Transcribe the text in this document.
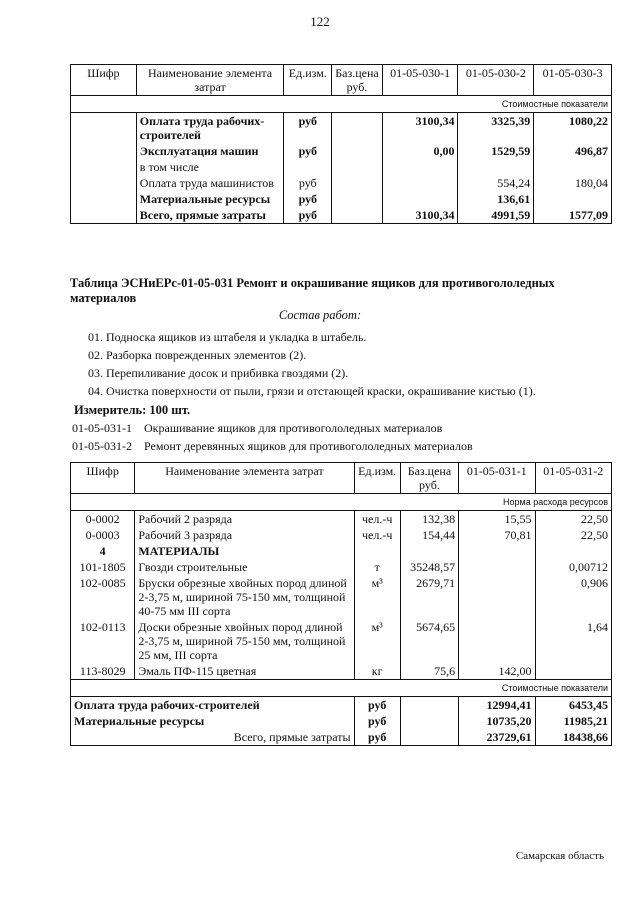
122
Шифр	Наименование элемента затрат	Ед.изм.	Баз.цена руб.	01-05-030-1	01-05-030-2	01-05-030-3
Стоимостные показатели						
	Оплата труда рабочих-строителей	руб		3100,34	3325,39	1080,22
	Эксплуатация машин	руб		0,00	1529,59	496,87
	в том числе					
	Оплата труда машинистов	руб			554,24	180,04
	Материальные ресурсы	руб			136,61	
	Всего, прямые затраты	руб		3100,34	4991,59	1577,09
Таблица ЭСНиЕРс-01-05-031 Ремонт и окрашивание ящиков для противогололедных материалов
Состав работ:
01. Подноска ящиков из штабеля и укладка в штабель.
02. Разборка поврежденных элементов (2).
03. Перепиливание досок и прибивка гвоздями (2).
04. Очистка поверхности от пыли, грязи и отстающей краски, окрашивание кистью (1).
Измеритель: 100 шт.
01-05-031-1 Окрашивание ящиков для противогололедных материалов
01-05-031-2 Ремонт деревянных ящиков для противогололедных материалов
Шифр	Наименование элемента затрат	Ед.изм.	Баз.цена руб.	01-05-031-1	01-05-031-2
Норма расхода ресурсов					
0-0002	Рабочий 2 разряда	чел.-ч	132,38	15,55	22,50
0-0003	Рабочий 3 разряда	чел.-ч	154,44	70,81	22,50
4	МАТЕРИАЛЫ				
101-1805	Гвозди строительные	т	35248,57		0,00712
102-0085	Бруски обрезные хвойных пород длиной 2-3,75 м, шириной 75-150 мм, толщиной 40-75 мм III сорта	м³	2679,71		0,906
102-0113	Доски обрезные хвойных пород длиной 2-3,75 м, шириной 75-150 мм, толщиной 25 мм, III сорта	м³	5674,65		1,64
113-8029	Эмаль ПФ-115 цветная	кг	75,6	142,00	
Стоимостные показатели					
Оплата труда рабочих-строителей		руб		12994,41	6453,45
Материальные ресурсы		руб		10735,20	11985,21
Всего, прямые затраты		руб		23729,61	18438,66
Самарская область
